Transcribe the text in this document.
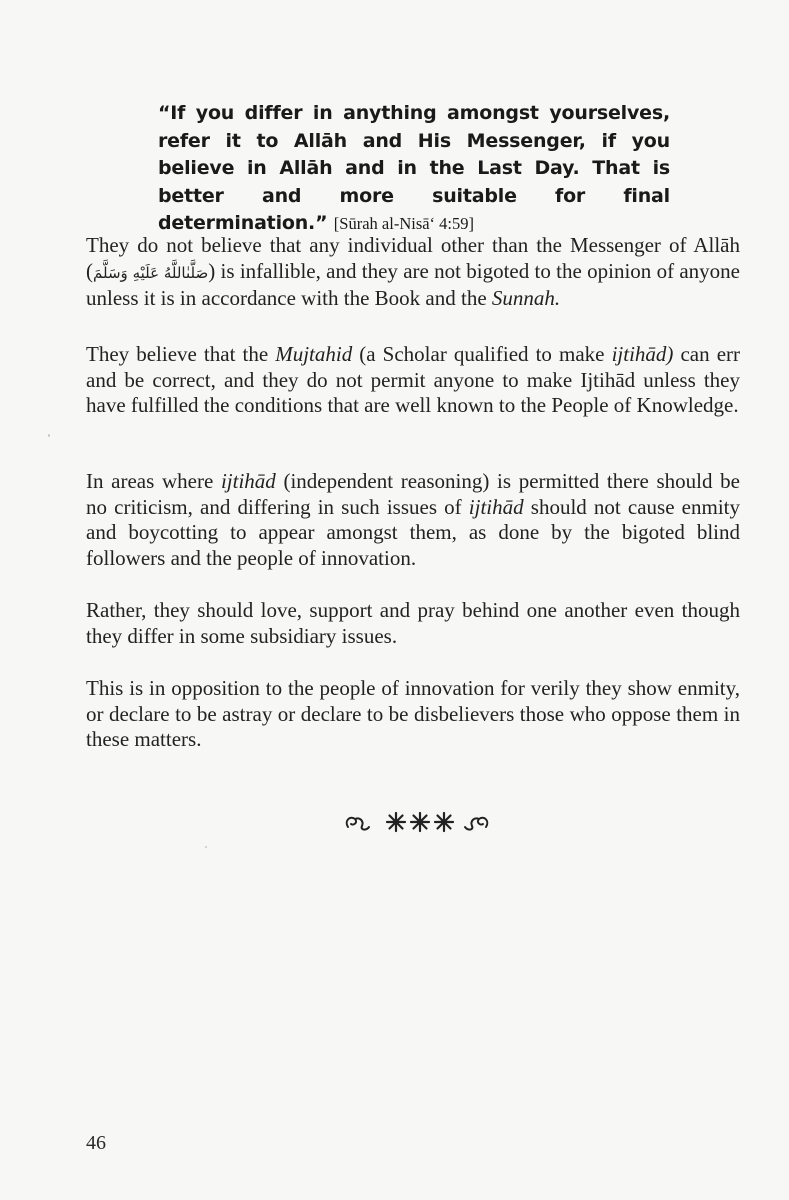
“If you differ in anything amongst yourselves, refer it to Allāh and His Messenger, if you believe in Allāh and in the Last Day. That is better and more suitable for final determination.” [Sūrah al-Nisā‘ 4:59]
They do not believe that any individual other than the Messenger of Allāh (صَلَّىٰاللَّهُ عَلَيْهِ وَسَلَّمَ) is infallible, and they are not bigoted to the opinion of anyone unless it is in accordance with the Book and the Sunnah.
They believe that the Mujtahid (a Scholar qualified to make ijtihād) can err and be correct, and they do not permit anyone to make Ijtihād unless they have fulfilled the conditions that are well known to the People of Knowledge.
In areas where ijtihād (independent reasoning) is permitted there should be no criticism, and differing in such issues of ijtihād should not cause enmity and boycotting to appear amongst them, as done by the bigoted blind followers and the people of innovation.
Rather, they should love, support and pray behind one another even though they differ in some subsidiary issues.
This is in opposition to the people of innovation for verily they show enmity, or declare to be astray or declare to be disbelievers those who oppose them in these matters.
46
